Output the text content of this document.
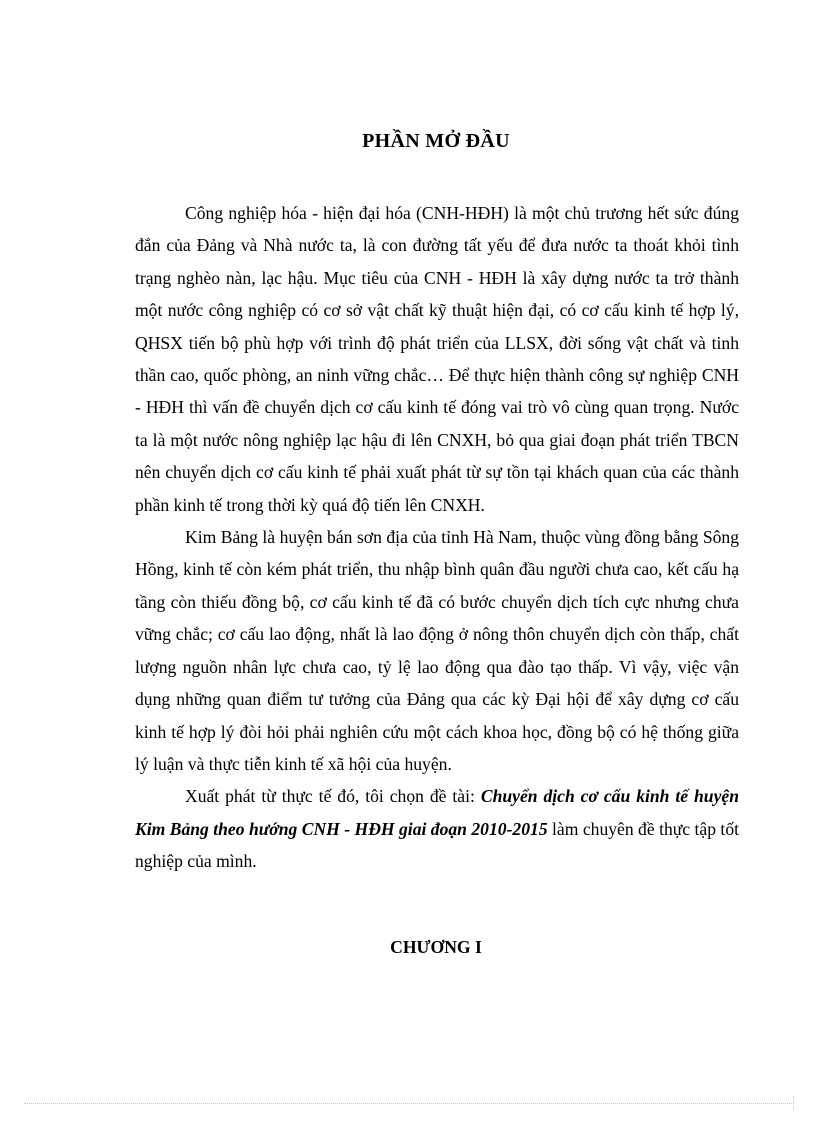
PHẦN MỞ ĐẦU

Công nghiệp hóa - hiện đại hóa (CNH-HĐH) là một chủ trương hết sức đúng đắn của Đảng và Nhà nước ta, là con đường tất yếu để đưa nước ta thoát khỏi tình trạng nghèo nàn, lạc hậu. Mục tiêu của CNH - HĐH là xây dựng nước ta trở thành một nước công nghiệp có cơ sở vật chất kỹ thuật hiện đại, có cơ cấu kinh tế hợp lý, QHSX tiến bộ phù hợp với trình độ phát triển của LLSX, đời sống vật chất và tinh thần cao, quốc phòng, an ninh vững chắc… Để thực hiện thành công sự nghiệp CNH - HĐH thì vấn đề chuyển dịch cơ cấu kinh tế đóng vai trò vô cùng quan trọng. Nước ta là một nước nông nghiệp lạc hậu đi lên CNXH, bỏ qua giai đoạn phát triển TBCN nên chuyển dịch cơ cấu kinh tế phải xuất phát từ sự tồn tại khách quan của các thành phần kinh tế trong thời kỳ quá độ tiến lên CNXH.

Kim Bảng là huyện bán sơn địa của tỉnh Hà Nam, thuộc vùng đồng bằng Sông Hồng, kinh tế còn kém phát triển, thu nhập bình quân đầu người chưa cao, kết cấu hạ tầng còn thiếu đồng bộ, cơ cấu kinh tế đã có bước chuyển dịch tích cực nhưng chưa vững chắc; cơ cấu lao động, nhất là lao động ở nông thôn chuyển dịch còn thấp, chất lượng nguồn nhân lực chưa cao, tỷ lệ lao động qua đào tạo thấp. Vì vậy, việc vận dụng những quan điểm tư tưởng của Đảng qua các kỳ Đại hội để xây dựng cơ cấu kinh tế hợp lý đòi hỏi phải nghiên cứu một cách khoa học, đồng bộ có hệ thống giữa lý luận và thực tiễn kinh tế xã hội của huyện.

Xuất phát từ thực tế đó, tôi chọn đề tài: Chuyển dịch cơ cấu kinh tế huyện Kim Bảng theo hướng CNH - HĐH giai đoạn 2010-2015 làm chuyên đề thực tập tốt nghiệp của mình.

CHƯƠNG I
